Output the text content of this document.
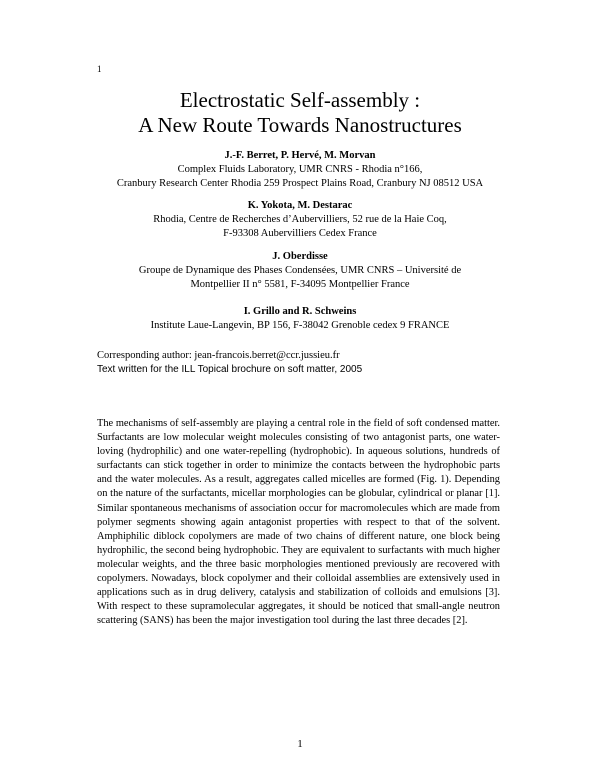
1
Electrostatic Self-assembly :
A New Route Towards Nanostructures
J.-F. Berret, P. Hervé, M. Morvan
Complex Fluids Laboratory, UMR CNRS - Rhodia n°166,
Cranbury Research Center Rhodia 259 Prospect Plains Road, Cranbury NJ 08512 USA
K. Yokota, M. Destarac
Rhodia, Centre de Recherches d’Aubervilliers, 52 rue de la Haie Coq,
F-93308 Aubervilliers Cedex France
J. Oberdisse
Groupe de Dynamique des Phases Condensées, UMR CNRS – Université de
Montpellier II n° 5581, F-34095 Montpellier France
I. Grillo and R. Schweins
Institute Laue-Langevin, BP 156, F-38042 Grenoble cedex 9 FRANCE
Corresponding author: jean-francois.berret@ccr.jussieu.fr
Text written for the ILL Topical brochure on soft matter, 2005
The mechanisms of self-assembly are playing a central role in the field of soft condensed matter. Surfactants are low molecular weight molecules consisting of two antagonist parts, one water-loving (hydrophilic) and one water-repelling (hydrophobic). In aqueous solutions, hundreds of surfactants can stick together in order to minimize the contacts between the hydrophobic parts and the water molecules. As a result, aggregates called micelles are formed (Fig. 1). Depending on the nature of the surfactants, micellar morphologies can be globular, cylindrical or planar [1]. Similar spontaneous mechanisms of association occur for macromolecules which are made from polymer segments showing again antagonist properties with respect to that of the solvent. Amphiphilic diblock copolymers are made of two chains of different nature, one block being hydrophilic, the second being hydrophobic. They are equivalent to surfactants with much higher molecular weights, and the three basic morphologies mentioned previously are recovered with copolymers. Nowadays, block copolymer and their colloidal assemblies are extensively used in applications such as in drug delivery, catalysis and stabilization of colloids and emulsions [3]. With respect to these supramolecular aggregates, it should be noticed that small-angle neutron scattering (SANS) has been the major investigation tool during the last three decades [2].
1
